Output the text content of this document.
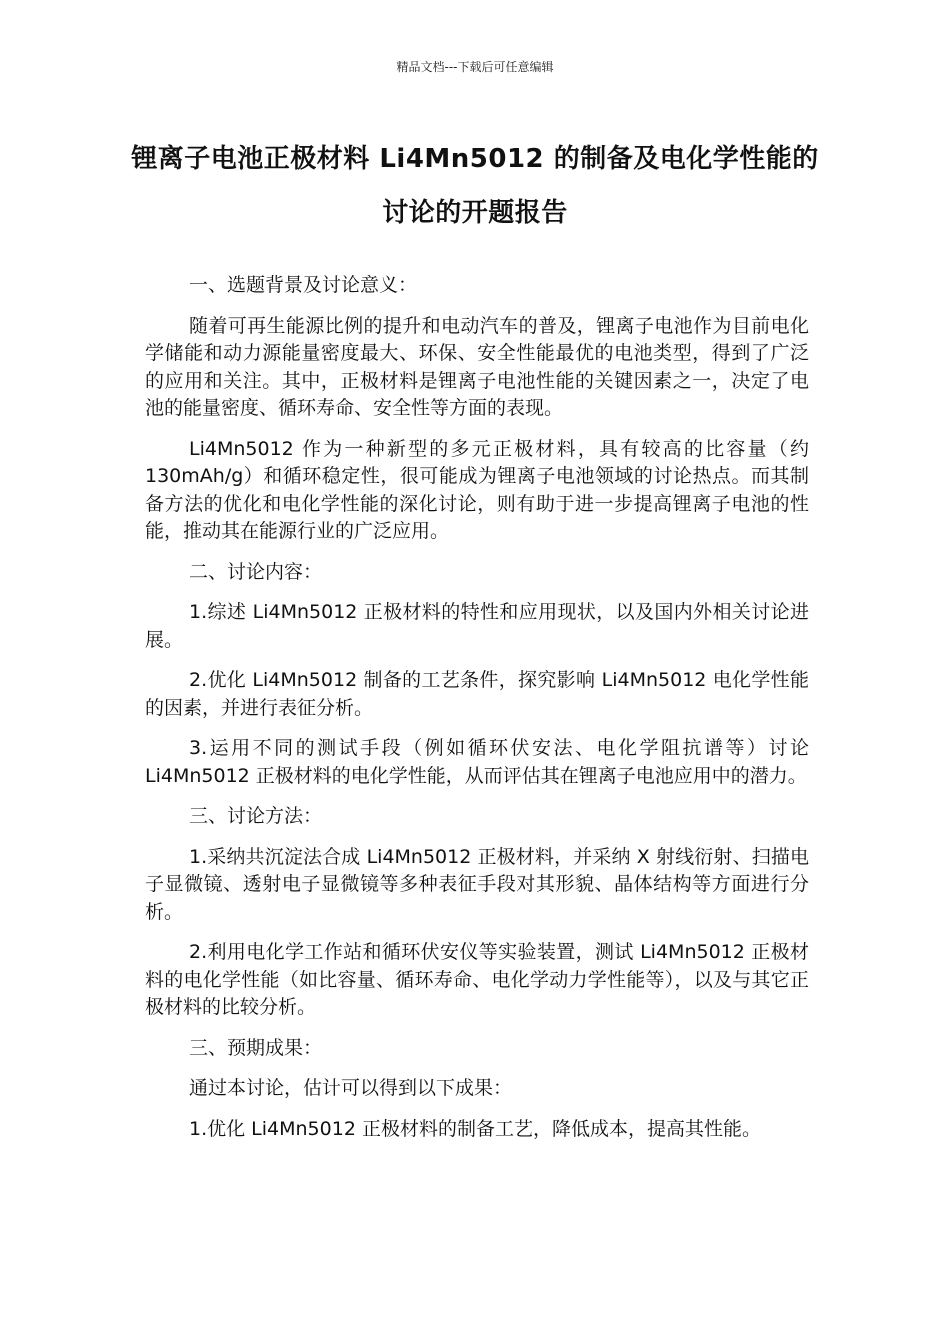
精品文档---下载后可任意编辑
锂离子电池正极材料 Li4Mn5012 的制备及电化学性能的讨论的开题报告

一、选题背景及讨论意义：

随着可再生能源比例的提升和电动汽车的普及，锂离子电池作为目前电化学储能和动力源能量密度最大、环保、安全性能最优的电池类型，得到了广泛的应用和关注。其中，正极材料是锂离子电池性能的关键因素之一，决定了电池的能量密度、循环寿命、安全性等方面的表现。

Li4Mn5012 作为一种新型的多元正极材料，具有较高的比容量（约 130mAh/g）和循环稳定性，很可能成为锂离子电池领域的讨论热点。而其制备方法的优化和电化学性能的深化讨论，则有助于进一步提高锂离子电池的性能，推动其在能源行业的广泛应用。

二、讨论内容：

1.综述 Li4Mn5012 正极材料的特性和应用现状，以及国内外相关讨论进展。

2.优化 Li4Mn5012 制备的工艺条件，探究影响 Li4Mn5012 电化学性能的因素，并进行表征分析。

3.运用不同的测试手段（例如循环伏安法、电化学阻抗谱等）讨论 Li4Mn5012 正极材料的电化学性能，从而评估其在锂离子电池应用中的潜力。

三、讨论方法：

1.采纳共沉淀法合成 Li4Mn5012 正极材料，并采纳 X 射线衍射、扫描电子显微镜、透射电子显微镜等多种表征手段对其形貌、晶体结构等方面进行分析。

2.利用电化学工作站和循环伏安仪等实验装置，测试 Li4Mn5012 正极材料的电化学性能（如比容量、循环寿命、电化学动力学性能等），以及与其它正极材料的比较分析。

三、预期成果：

通过本讨论，估计可以得到以下成果：

1.优化 Li4Mn5012 正极材料的制备工艺，降低成本，提高其性能。
